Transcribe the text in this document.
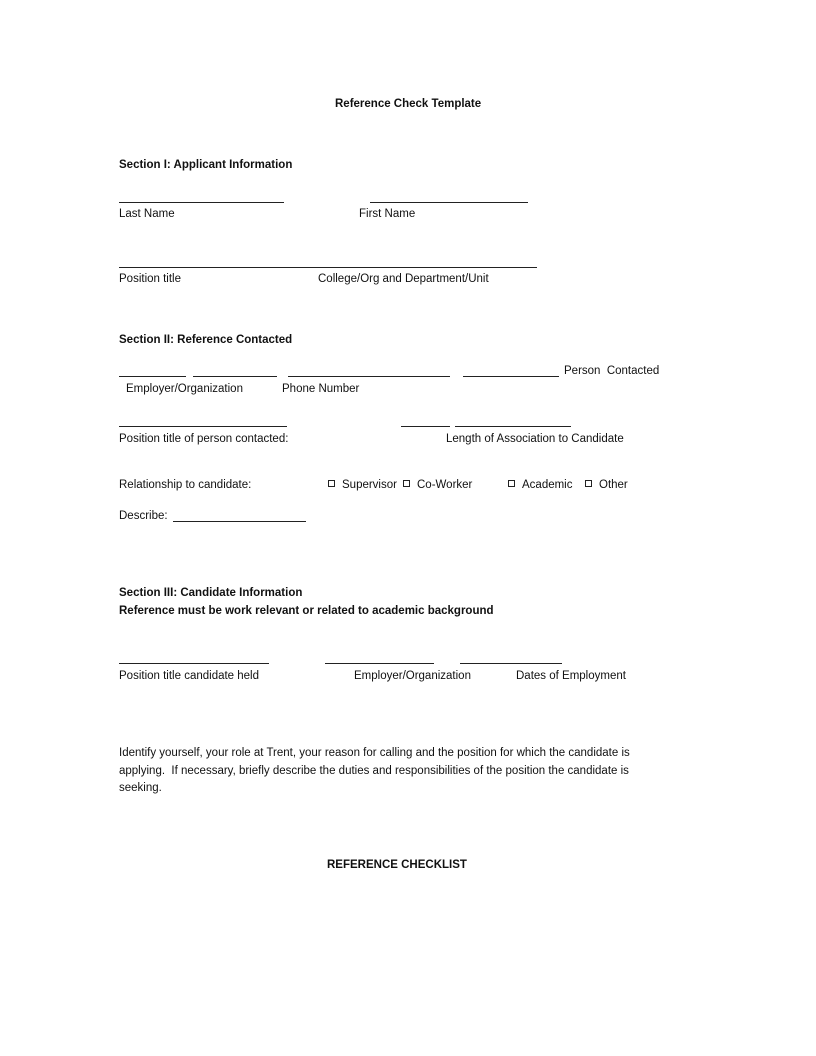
Reference Check Template
Section I: Applicant Information
Last Name	First Name
Position title	College/Org and Department/Unit
Section II: Reference Contacted
Person  Contacted
Employer/Organization	Phone Number
Position title of person contacted:	Length of Association to Candidate
Relationship to candidate:	Supervisor	Co-Worker	Academic	Other
Describe:
Section III: Candidate Information
Reference must be work relevant or related to academic background
Position title candidate held	Employer/Organization	Dates of Employment
Identify yourself, your role at Trent, your reason for calling and the position for which the candidate is
applying.  If necessary, briefly describe the duties and responsibilities of the position the candidate is
seeking.
REFERENCE CHECKLIST
